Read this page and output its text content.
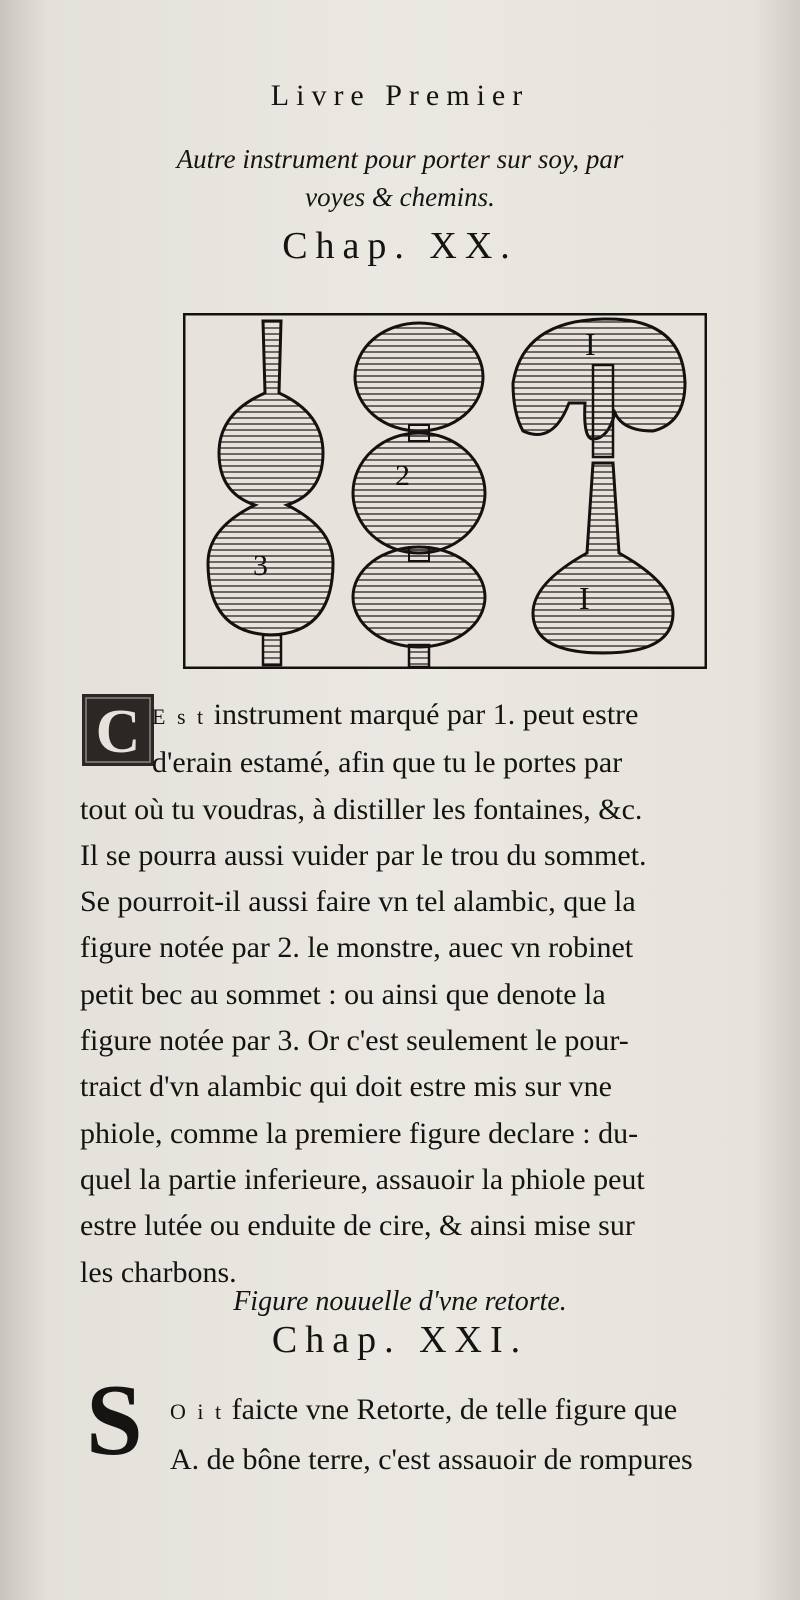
Livre Premier
Autre instrument pour porter sur soy, par
voyes & chemins.
Chap. XX.
3
2
I
I
C E s t instrument marqué par 1. peut estre
d'erain estamé, afin que tu le portes par
tout où tu voudras, à distiller les fontaines, &c.
Il se pourra aussi vuider par le trou du sommet.
Se pourroit-il aussi faire vn tel alambic, que la
figure notée par 2. le monstre, auec vn robinet
petit bec au sommet : ou ainsi que denote la
figure notée par 3. Or c'est seulement le pour-
traict d'vn alambic qui doit estre mis sur vne
phiole, comme la premiere figure declare : du-
quel la partie inferieure, assauoir la phiole peut
estre lutée ou enduite de cire, & ainsi mise sur
les charbons.
Figure nouuelle d'vne retorte.
Chap. XXI.
S	O i t faicte vne Retorte, de telle figure que
A. de bône terre, c'est assauoir de rompures
